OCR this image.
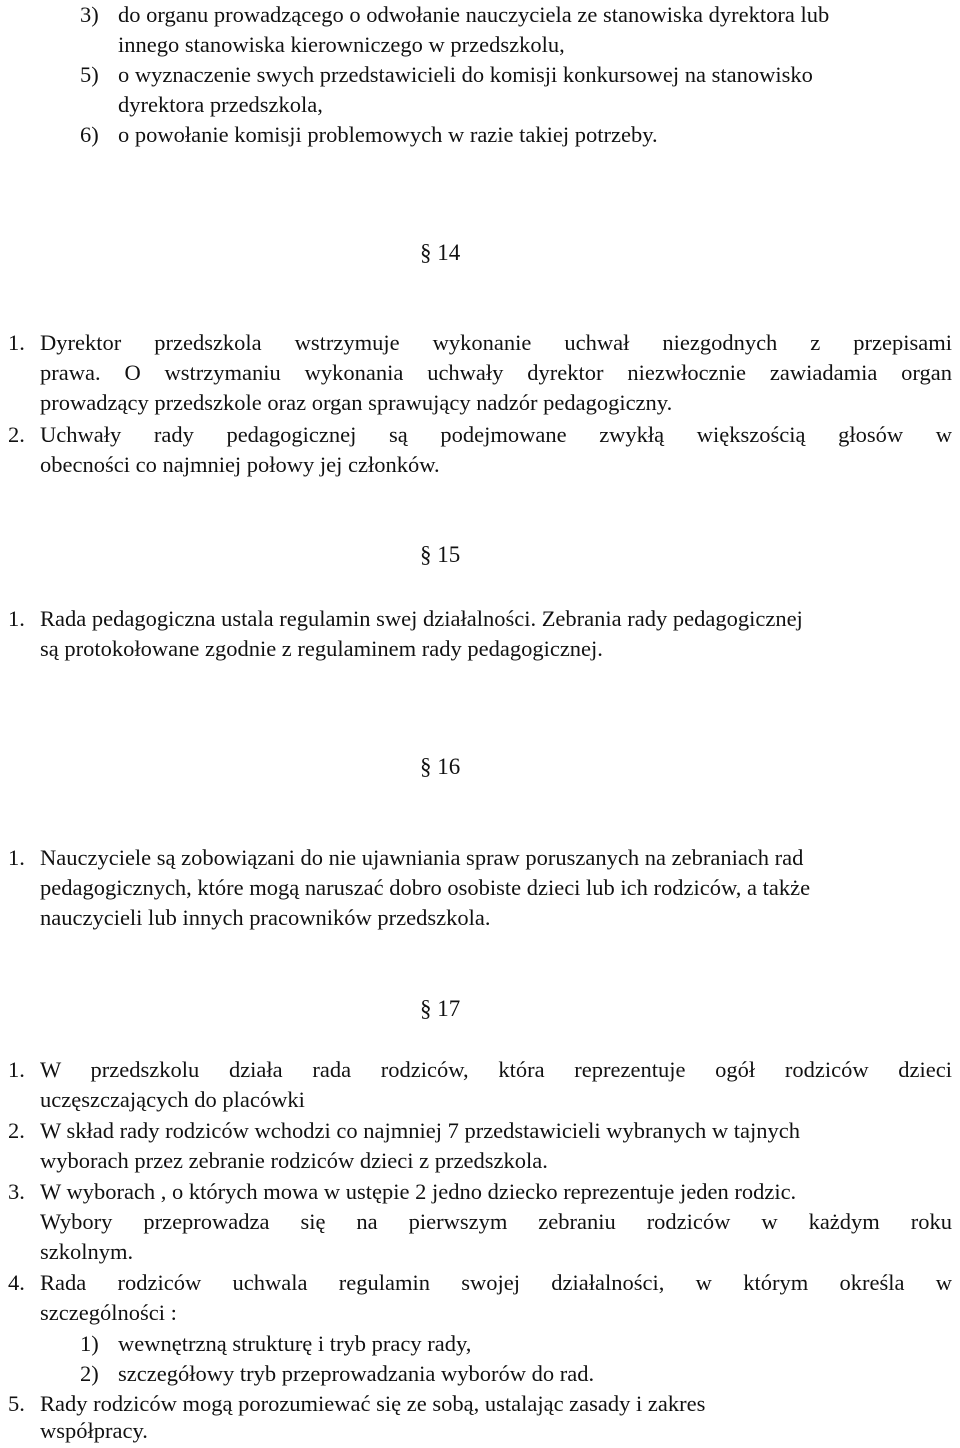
3) do organu prowadzącego o odwołanie nauczyciela ze stanowiska dyrektora lub
innego stanowiska kierowniczego w przedszkolu,
5) o wyznaczenie swych przedstawicieli do komisji konkursowej na stanowisko
dyrektora przedszkola,
6) o powołanie komisji problemowych w razie takiej potrzeby.
§ 14
1. Dyrektor przedszkola wstrzymuje wykonanie uchwał niezgodnych z przepisami
prawa. O wstrzymaniu wykonania uchwały dyrektor niezwłocznie zawiadamia organ
prowadzący przedszkole oraz organ sprawujący nadzór pedagogiczny.
2. Uchwały rady pedagogicznej są podejmowane zwykłą większością głosów w
obecności co najmniej połowy jej członków.
§ 15
1. Rada pedagogiczna ustala regulamin swej działalności. Zebrania rady pedagogicznej
są protokołowane zgodnie z regulaminem rady pedagogicznej.
§ 16
1. Nauczyciele są zobowiązani do nie ujawniania spraw poruszanych na zebraniach rad
pedagogicznych, które mogą naruszać dobro osobiste dzieci lub ich rodziców, a także
nauczycieli lub innych pracowników przedszkola.
§ 17
1. W przedszkolu działa rada rodziców, która reprezentuje ogół rodziców dzieci
uczęszczających do placówki
2. W skład rady rodziców wchodzi co najmniej 7 przedstawicieli wybranych w tajnych
wyborach przez zebranie rodziców dzieci z przedszkola.
3. W wyborach , o których mowa w ustępie 2 jedno dziecko reprezentuje jeden rodzic.
Wybory przeprowadza się na pierwszym zebraniu rodziców w każdym roku
szkolnym.
4. Rada rodziców uchwala regulamin swojej działalności, w którym określa w
szczególności :
1) wewnętrzną strukturę i tryb pracy rady,
2) szczegółowy tryb przeprowadzania wyborów do rad.
5. Rady rodziców mogą porozumiewać się ze sobą, ustalając zasady i zakres
współpracy.
